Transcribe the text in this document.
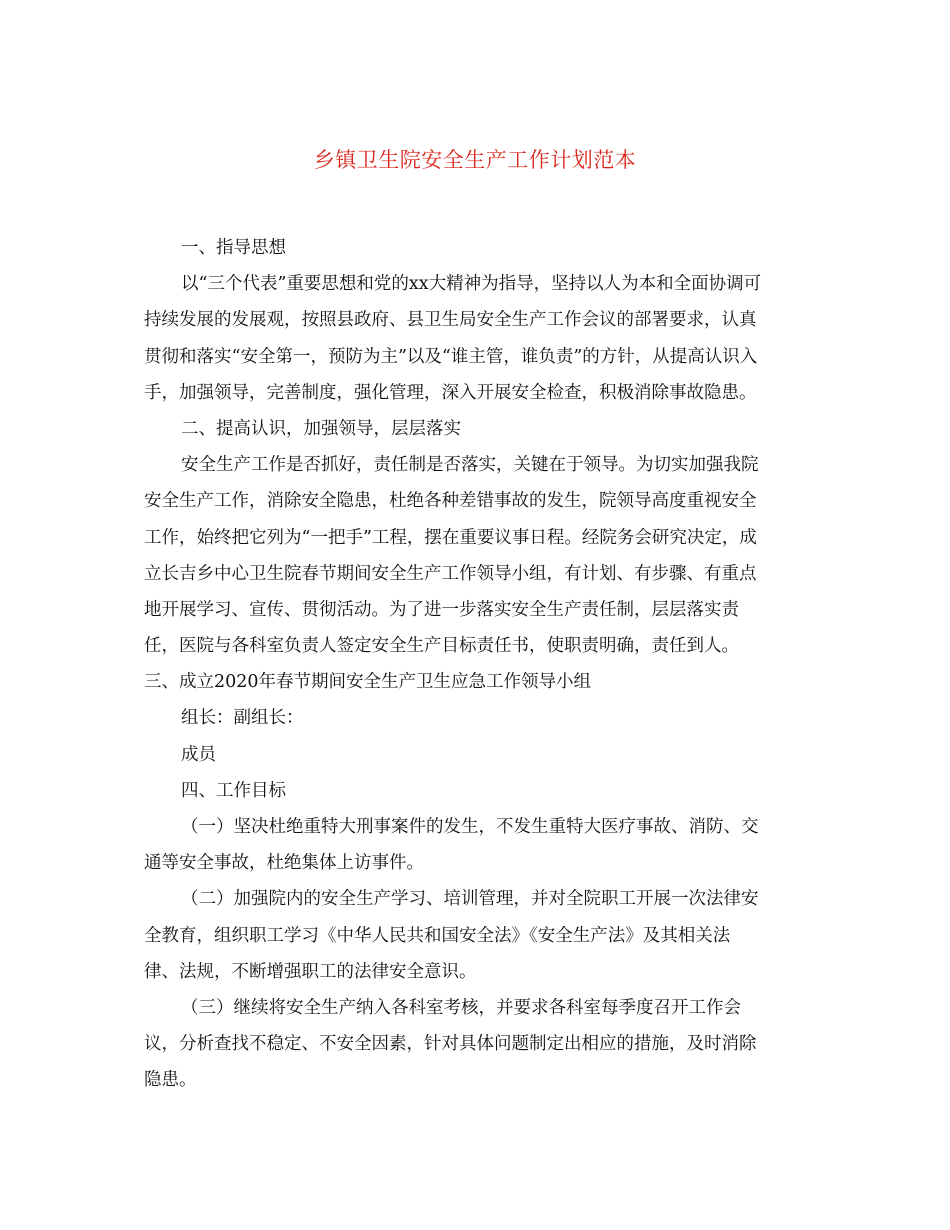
乡镇卫生院安全生产工作计划范本
一、指导思想
以“三个代表”重要思想和党的xx大精神为指导，坚持以人为本和全面协调可
持续发展的发展观，按照县政府、县卫生局安全生产工作会议的部署要求，认真
贯彻和落实“安全第一，预防为主”以及“谁主管，谁负责”的方针，从提高认识入
手，加强领导，完善制度，强化管理，深入开展安全检查，积极消除事故隐患。
二、提高认识，加强领导，层层落实
安全生产工作是否抓好，责任制是否落实，关键在于领导。为切实加强我院
安全生产工作，消除安全隐患，杜绝各种差错事故的发生，院领导高度重视安全
工作，始终把它列为“一把手”工程，摆在重要议事日程。经院务会研究决定，成
立长吉乡中心卫生院春节期间安全生产工作领导小组，有计划、有步骤、有重点
地开展学习、宣传、贯彻活动。为了进一步落实安全生产责任制，层层落实责
任，医院与各科室负责人签定安全生产目标责任书，使职责明确，责任到人。
三、成立2020年春节期间安全生产卫生应急工作领导小组
组长：副组长：
成员
四、工作目标
（一）坚决杜绝重特大刑事案件的发生，不发生重特大医疗事故、消防、交
通等安全事故，杜绝集体上访事件。
（二）加强院内的安全生产学习、培训管理，并对全院职工开展一次法律安
全教育，组织职工学习《中华人民共和国安全法》《安全生产法》及其相关法
律、法规，不断增强职工的法律安全意识。
（三）继续将安全生产纳入各科室考核，并要求各科室每季度召开工作会
议，分析查找不稳定、不安全因素，针对具体问题制定出相应的措施，及时消除
隐患。
